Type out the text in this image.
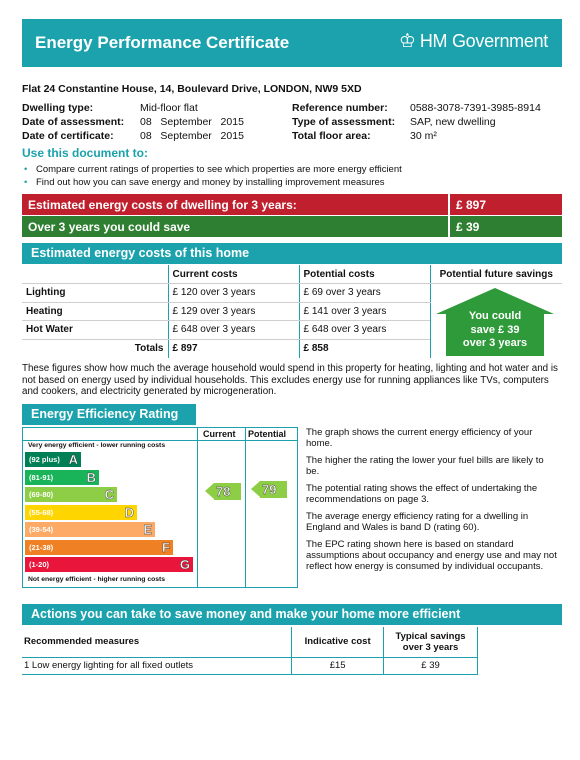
Energy Performance Certificate	♔ HM Government
Flat 24 Constantine House, 14, Boulevard Drive, LONDON, NW9 5XD
Dwelling type:	Mid-floor flat
Date of assessment: 08   September   2015
Date of certificate:	08   September   2015
Reference number: 0588-3078-7391-3985-8914
Type of assessment: SAP, new dwelling
Total floor area:	30 m²
Use this document to:
• Compare current ratings of properties to see which properties are more energy efficient
• Find out how you can save energy and money by installing improvement measures
Estimated energy costs of dwelling for 3 years:	£ 897
Over 3 years you could save	£ 39
Estimated energy costs of this home
	Current costs	Potential costs	Potential future savings
Lighting	£ 120 over 3 years	£ 69 over 3 years	
Heating	£ 129 over 3 years	£ 141 over 3 years	
Hot Water	£ 648 over 3 years	£ 648 over 3 years	
Totals	£ 897	£ 858	
You could
save £ 39
over 3 years
These figures show how much the average household would spend in this property for heating, lighting and hot water and is not based on energy used by individual households. This excludes energy use for running appliances like TVs, computers and cookers, and electricity generated by microgeneration.
Energy Efficiency Rating
Current Potential
Very energy efficient - lower running costs
(92 plus) A
(81-91)	B
(69-80)	C
(55-68)	D
(39-54)	E
(21-38)	F
(1-20)	G
Not energy efficient - higher running costs
78	79

The graph shows the current energy efficiency of your home.

The higher the rating the lower your fuel bills are likely to be.

The potential rating shows the effect of undertaking the recommendations on page 3.

The average energy efficiency rating for a dwelling in England and Wales is band D (rating 60).

The EPC rating shown here is based on standard assumptions about occupancy and energy use and may not reflect how energy is consumed by individual occupants.

Actions you can take to save money and make your home more efficient
Recommended measures	Indicative cost	Typical savings over 3 years
1 Low energy lighting for all fixed outlets	£15	£ 39
